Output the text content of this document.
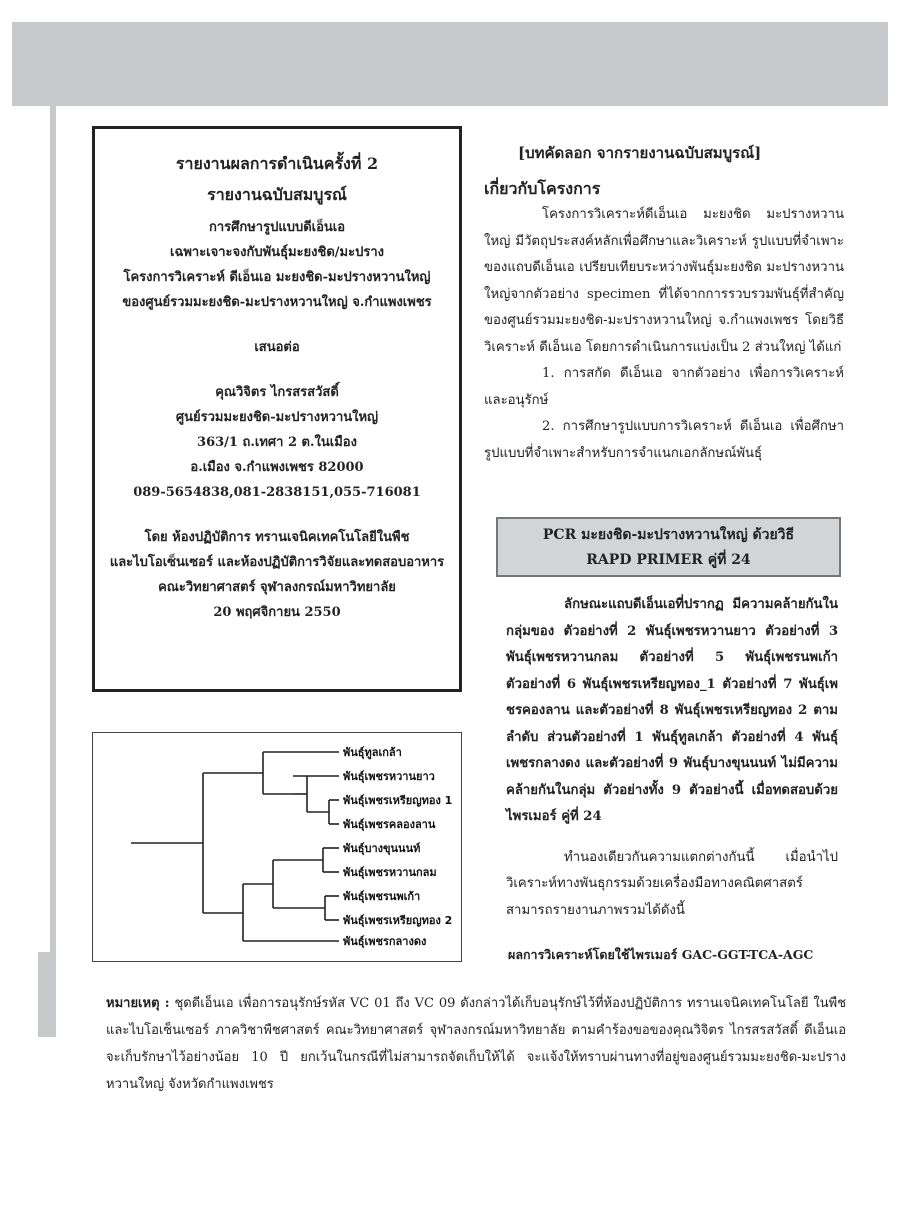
รายงานผลการดำเนินครั้งที่ 2

รายงานฉบับสมบูรณ์

การศึกษารูปแบบดีเอ็นเอ

เฉพาะเจาะจงกับพันธุ์มะยงชิด/มะปราง

โครงการวิเคราะห์ ดีเอ็นเอ มะยงชิด-มะปรางหวานใหญ่

ของศูนย์รวมมะยงชิด-มะปรางหวานใหญ่ จ.กำแพงเพชร

เสนอต่อ

คุณวิจิตร ไกรสรสวัสดิ์

ศูนย์รวมมะยงชิด-มะปรางหวานใหญ่

363/1 ถ.เทศา 2 ต.ในเมือง

อ.เมือง จ.กำแพงเพชร 82000

089-5654838,081-2838151,055-716081

โดย ห้องปฏิบัติการ ทรานเจนิคเทคโนโลยีในพืช

และไบโอเซ็นเซอร์ และห้องปฏิบัติการวิจัยและทดสอบอาหาร

คณะวิทยาศาสตร์ จุฬาลงกรณ์มหาวิทยาลัย

20 พฤศจิกายน 2550

พันธุ์ทูลเกล้า
พันธุ์เพชรหวานยาว
พันธุ์เพชรเหรียญทอง 1
พันธุ์เพชรคลองลาน
พันธุ์บางขุนนนท์
พันธุ์เพชรหวานกลม
พันธุ์เพชรนพเก้า
พันธุ์เพชรเหรียญทอง 2
พันธุ์เพชรกลางดง

[บทคัดลอก จากรายงานฉบับสมบูรณ์]

เกี่ยวกับโครงการ

โครงการวิเคราะห์ดีเอ็นเอ มะยงชิด มะปรางหวานใหญ่ มีวัตถุประสงค์หลักเพื่อศึกษาและวิเคราะห์ รูปแบบที่จำเพาะของแถบดีเอ็นเอ เปรียบเทียบระหว่างพันธุ์มะยงชิด มะปรางหวานใหญ่จากตัวอย่าง specimen ที่ได้จากการรวบรวมพันธุ์ที่สำคัญของศูนย์รวมมะยงชิด-มะปรางหวานใหญ่ จ.กำแพงเพชร โดยวิธีวิเคราะห์ ดีเอ็นเอ โดยการดำเนินการแบ่งเป็น 2 ส่วนใหญ่ ได้แก่

1. การสกัด ดีเอ็นเอ จากตัวอย่าง เพื่อการวิเคราะห์และอนุรักษ์

2. การศึกษารูปแบบการวิเคราะห์ ดีเอ็นเอ เพื่อศึกษารูปแบบที่จำเพาะสำหรับการจำแนกเอกลักษณ์พันธุ์

PCR มะยงชิด-มะปรางหวานใหญ่ ด้วยวิธี
RAPD PRIMER คู่ที่ 24

ลักษณะแถบดีเอ็นเอที่ปรากฏ มีความคล้ายกันในกลุ่มของ ตัวอย่างที่ 2 พันธุ์เพชรหวานยาว ตัวอย่างที่ 3 พันธุ์เพชรหวานกลม ตัวอย่างที่ 5 พันธุ์เพชรนพเก้า ตัวอย่างที่ 6 พันธุ์เพชรเหรียญทอง_1 ตัวอย่างที่ 7 พันธุ์เพชรคองลาน และตัวอย่างที่ 8 พันธุ์เพชรเหรียญทอง 2 ตามลำดับ ส่วนตัวอย่างที่ 1 พันธุ์ทูลเกล้า ตัวอย่างที่ 4 พันธุ์เพชรกลางดง และตัวอย่างที่ 9 พันธุ์บางขุนนนท์ ไม่มีความคล้ายกันในกลุ่ม ตัวอย่างทั้ง 9 ตัวอย่างนี้ เมื่อทดสอบด้วยไพรเมอร์ คู่ที่ 24

ทำนองเดียวกันความแตกต่างกันนี้ เมื่อนำไปวิเคราะห์ทางพันธุกรรมด้วยเครื่องมือทางคณิตศาสตร์ สามารถรายงานภาพรวมได้ดังนี้

ผลการวิเคราะห์โดยใช้ไพรเมอร์ GAC-GGT-TCA-AGC
หมายเหตุ : ชุดดีเอ็นเอ เพื่อการอนุรักษ์รหัส VC 01 ถึง VC 09 ดังกล่าวได้เก็บอนุรักษ์ไว้ที่ห้องปฏิบัติการ ทรานเจนิคเทคโนโลยี ในพืชและไบโอเซ็นเซอร์ ภาควิชาพืชศาสตร์ คณะวิทยาศาสตร์ จุฬาลงกรณ์มหาวิทยาลัย ตามคำร้องขอของคุณวิจิตร ไกรสรสวัสดิ์ ดีเอ็นเอจะเก็บรักษาไว้อย่างน้อย 10 ปี ยกเว้นในกรณีที่ไม่สามารถจัดเก็บให้ได้ จะแจ้งให้ทราบผ่านทางที่อยู่ของศูนย์รวมมะยงชิด-มะปรางหวานใหญ่ จังหวัดกำแพงเพชร
